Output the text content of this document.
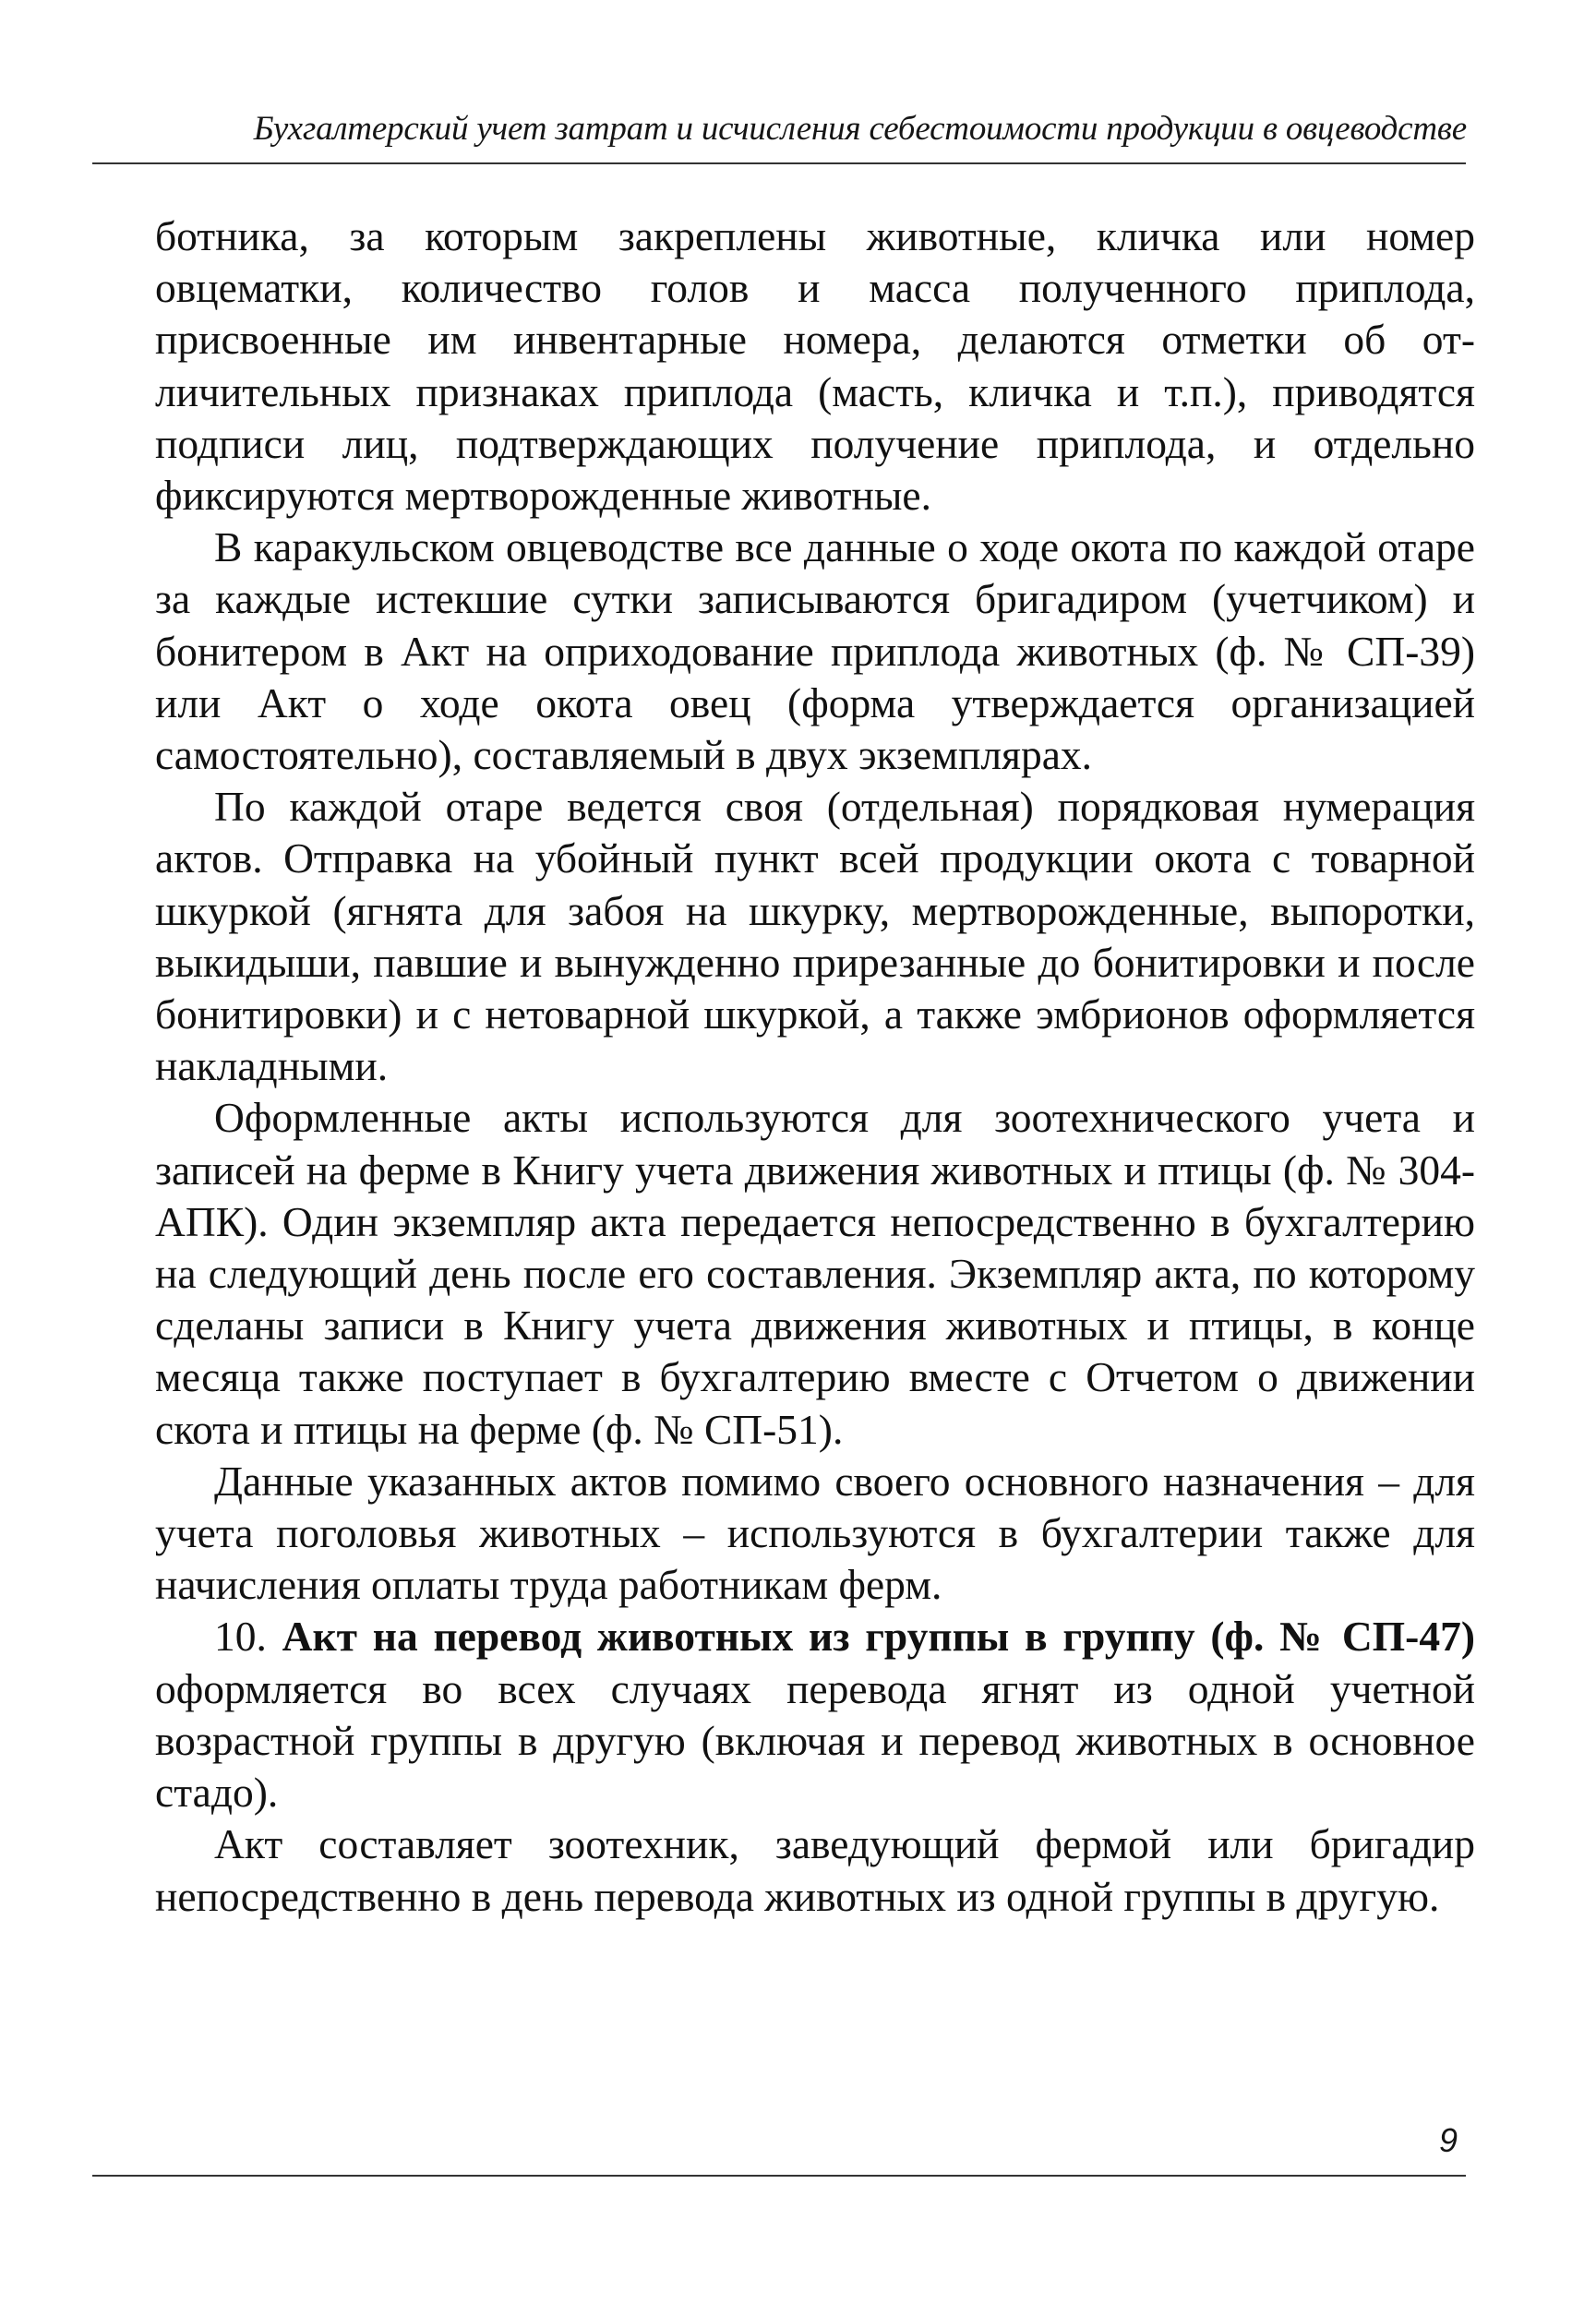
Бухгалтерский учет затрат и исчисления себестоимости продукции в овцеводстве

ботника, за которым закреплены животные, кличка или номер овцематки, количество голов и масса полученного приплода, присвоенные им инвентарные номера, делаются отметки об отличительных признаках приплода (масть, кличка и т.п.), приводятся подписи лиц, подтверждающих получение приплода, и отдельно фиксируются мертворожденные животные.

В каракульском овцеводстве все данные о ходе окота по каждой отаре за каждые истекшие сутки записываются бригадиром (учетчиком) и бонитером в Акт на оприходование приплода животных (ф. № СП-39) или Акт о ходе окота овец (форма утверждается организацией самостоятельно), составляемый в двух экземплярах.

По каждой отаре ведется своя (отдельная) порядковая нумерация актов. Отправка на убойный пункт всей продукции окота с товарной шкуркой (ягнята для забоя на шкурку, мертворожденные, выпоротки, выкидыши, павшие и вынужденно прирезанные до бонитировки и после бонитировки) и с нетоварной шкуркой, а также эмбрионов оформляется накладными.

Оформленные акты используются для зоотехнического учета и записей на ферме в Книгу учета движения животных и птицы (ф. № 304-АПК). Один экземпляр акта передается непосредственно в бухгалтерию на следующий день после его составления. Экземпляр акта, по которому сделаны записи в Книгу учета движения животных и птицы, в конце месяца также поступает в бухгалтерию вместе с Отчетом о движении скота и птицы на ферме (ф. № СП-51).

Данные указанных актов помимо своего основного назначения – для учета поголовья животных – используются в бухгалтерии также для начисления оплаты труда работникам ферм.

10. Акт на перевод животных из группы в группу (ф. № СП-47) оформляется во всех случаях перевода ягнят из одной учетной возрастной группы в другую (включая и перевод животных в основное стадо).

Акт составляет зоотехник, заведующий фермой или бригадир непосредственно в день перевода животных из одной группы в другую.

9
